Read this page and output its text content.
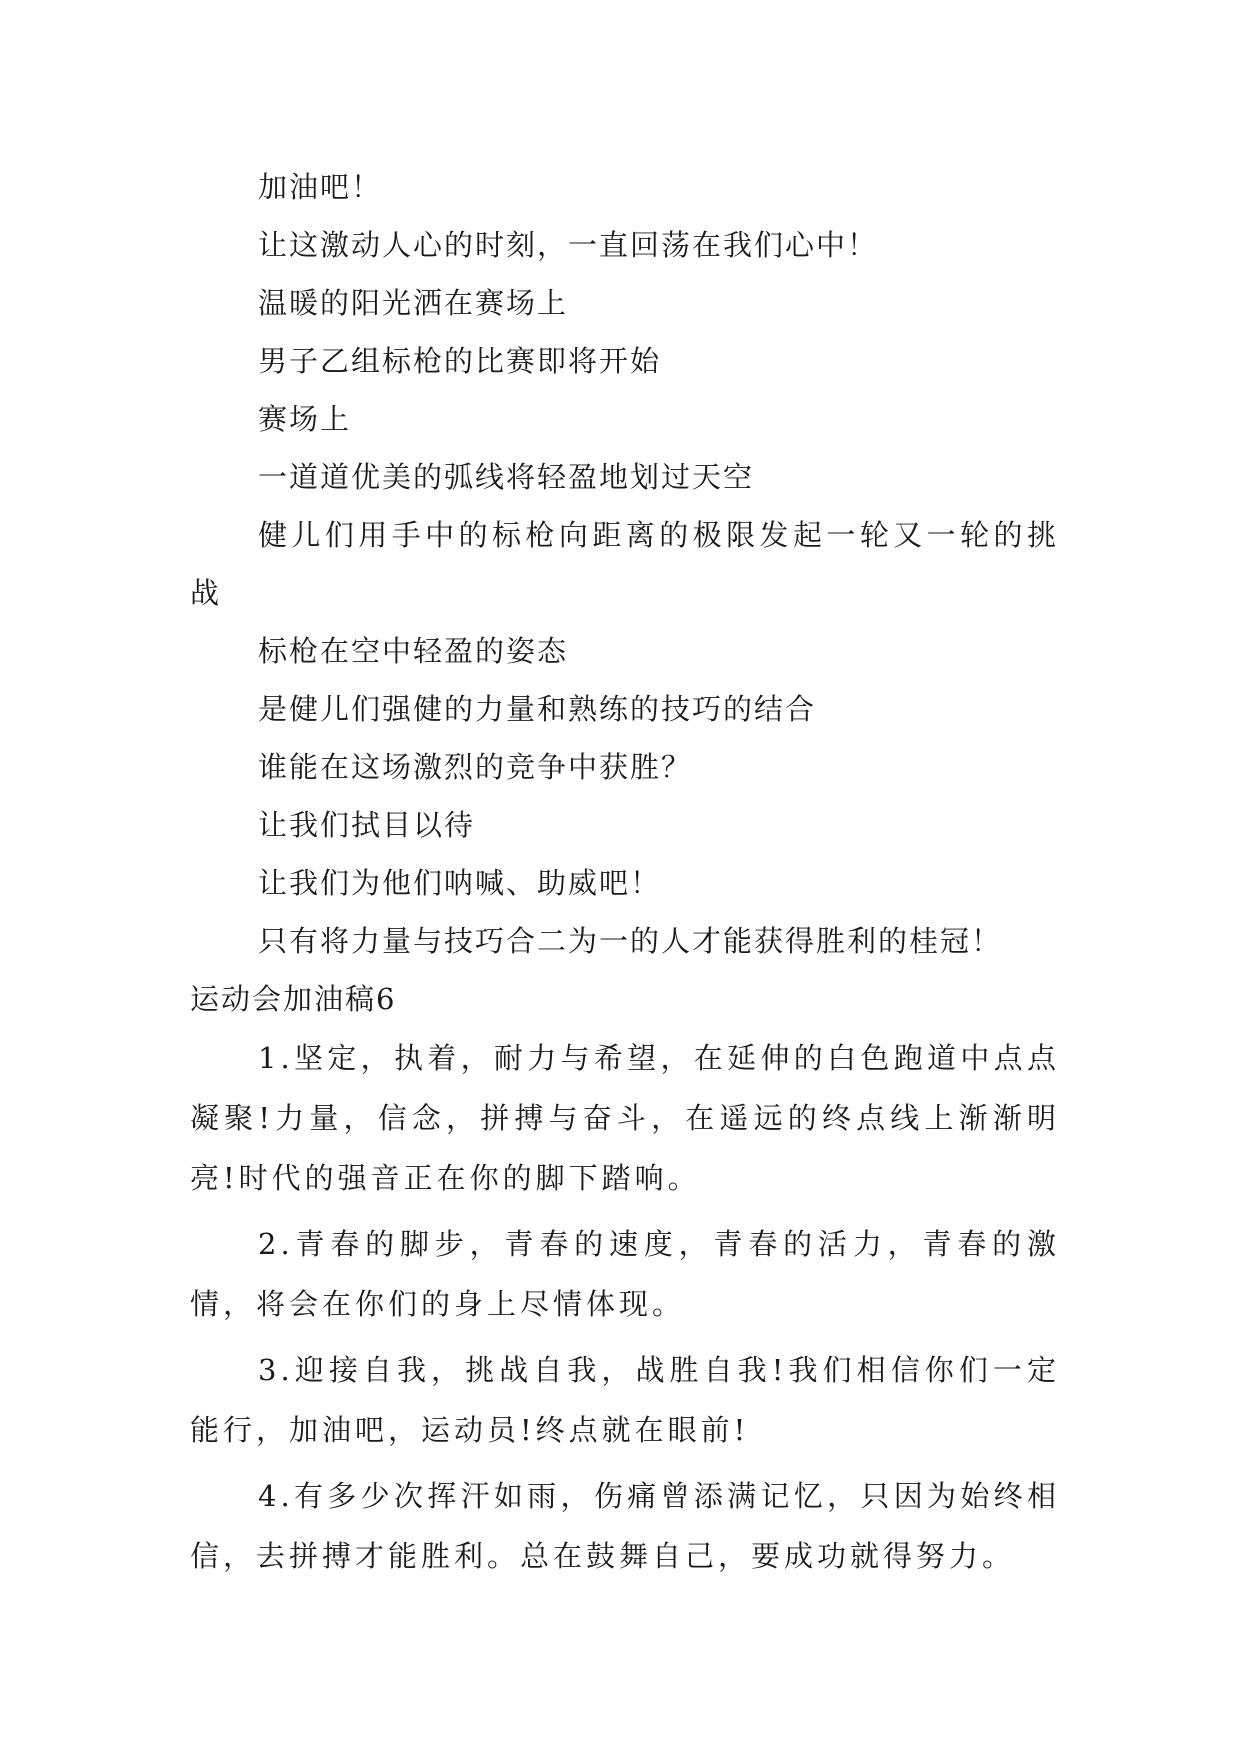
加油吧！
让这激动人心的时刻，一直回荡在我们心中！
温暖的阳光洒在赛场上
男子乙组标枪的比赛即将开始
赛场上
一道道优美的弧线将轻盈地划过天空

健儿们用手中的标枪向距离的极限发起一轮又一轮的挑战

标枪在空中轻盈的姿态
是健儿们强健的力量和熟练的技巧的结合
谁能在这场激烈的竞争中获胜？
让我们拭目以待
让我们为他们呐喊、助威吧！
只有将力量与技巧合二为一的人才能获得胜利的桂冠！
运动会加油稿6

1.坚定，执着，耐力与希望，在延伸的白色跑道中点点凝聚!力量，信念，拼搏与奋斗，在遥远的终点线上渐渐明亮!时代的强音正在你的脚下踏响。

2.青春的脚步，青春的速度，青春的活力，青春的激情，将会在你们的身上尽情体现。

3.迎接自我，挑战自我，战胜自我!我们相信你们一定能行，加油吧，运动员!终点就在眼前!

4.有多少次挥汗如雨，伤痛曾添满记忆，只因为始终相信，去拼搏才能胜利。总在鼓舞自己，要成功就得努力。
